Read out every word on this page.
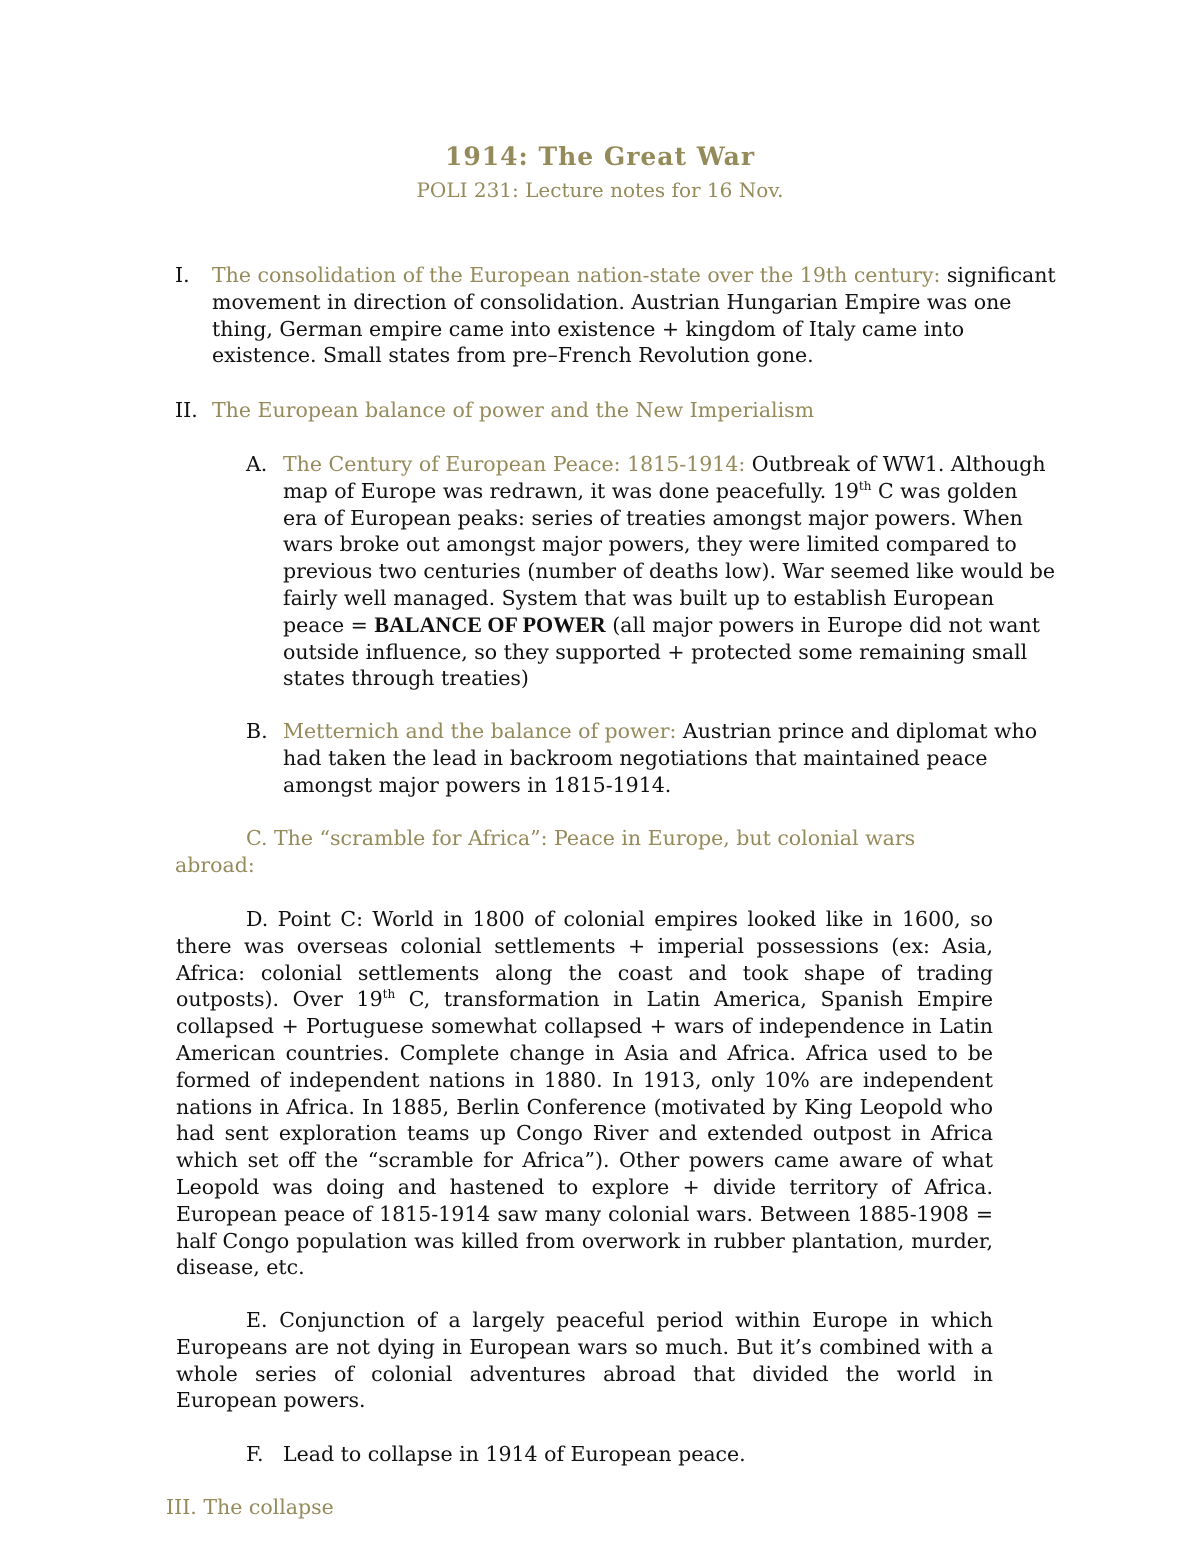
1914: The Great War
POLI 231: Lecture notes for 16 Nov.
I. The consolidation of the European nation-state over the 19th century: significant movement in direction of consolidation. Austrian Hungarian Empire was one thing, German empire came into existence + kingdom of Italy came into existence. Small states from pre–French Revolution gone.
II. The European balance of power and the New Imperialism
A. The Century of European Peace: 1815-1914: Outbreak of WW1. Although map of Europe was redrawn, it was done peacefully. 19th C was golden era of European peaks: series of treaties amongst major powers. When wars broke out amongst major powers, they were limited compared to previous two centuries (number of deaths low). War seemed like would be fairly well managed. System that was built up to establish European peace = BALANCE OF POWER (all major powers in Europe did not want outside influence, so they supported + protected some remaining small states through treaties)
B. Metternich and the balance of power: Austrian prince and diplomat who had taken the lead in backroom negotiations that maintained peace amongst major powers in 1815-1914.
C. The “scramble for Africa”: Peace in Europe, but colonial wars
abroad:
D. Point C: World in 1800 of colonial empires looked like in 1600, so there was overseas colonial settlements + imperial possessions (ex: Asia, Africa: colonial settlements along the coast and took shape of trading outposts). Over 19th C, transformation in Latin America, Spanish Empire collapsed + Portuguese somewhat collapsed + wars of independence in Latin American countries. Complete change in Asia and Africa. Africa used to be formed of independent nations in 1880. In 1913, only 10% are independent nations in Africa. In 1885, Berlin Conference (motivated by King Leopold who had sent exploration teams up Congo River and extended outpost in Africa which set off the “scramble for Africa”). Other powers came aware of what Leopold was doing and hastened to explore + divide territory of Africa. European peace of 1815-1914 saw many colonial wars. Between 1885-1908 = half Congo population was killed from overwork in rubber plantation, murder, disease, etc.
E. Conjunction of a largely peaceful period within Europe in which Europeans are not dying in European wars so much. But it’s combined with a whole series of colonial adventures abroad that divided the world in European powers.
F. Lead to collapse in 1914 of European peace.
III. The collapse
